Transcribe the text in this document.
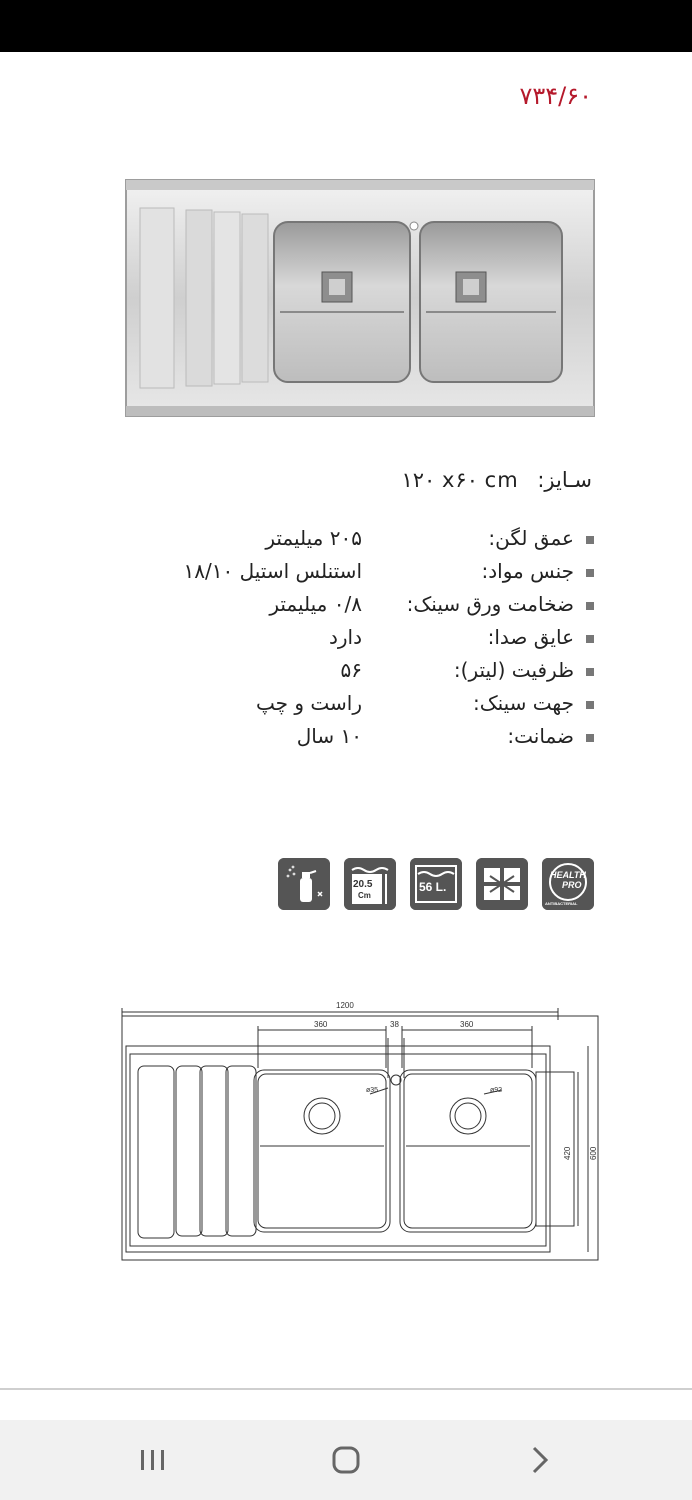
۷۳۴/۶۰
سـایز: ۱۲۰ x۶۰ cm
عمق لگن:
۲۰۵ میلیمتر
جنس مواد:
استنلس استیل ۱۸/۱۰
ضخامت ورق سینک:
۰/۸ میلیمتر
عایق صدا:
دارد
ظرفیت (لیتر):
۵۶
جهت سینک:
راست و چپ
ضمانت:
۱۰ سال
20.5
Cm
56 L.
HEALTH
PRO
ANTIBACTERIAL
1200
360	38	360
ø35	ø92
420 600
